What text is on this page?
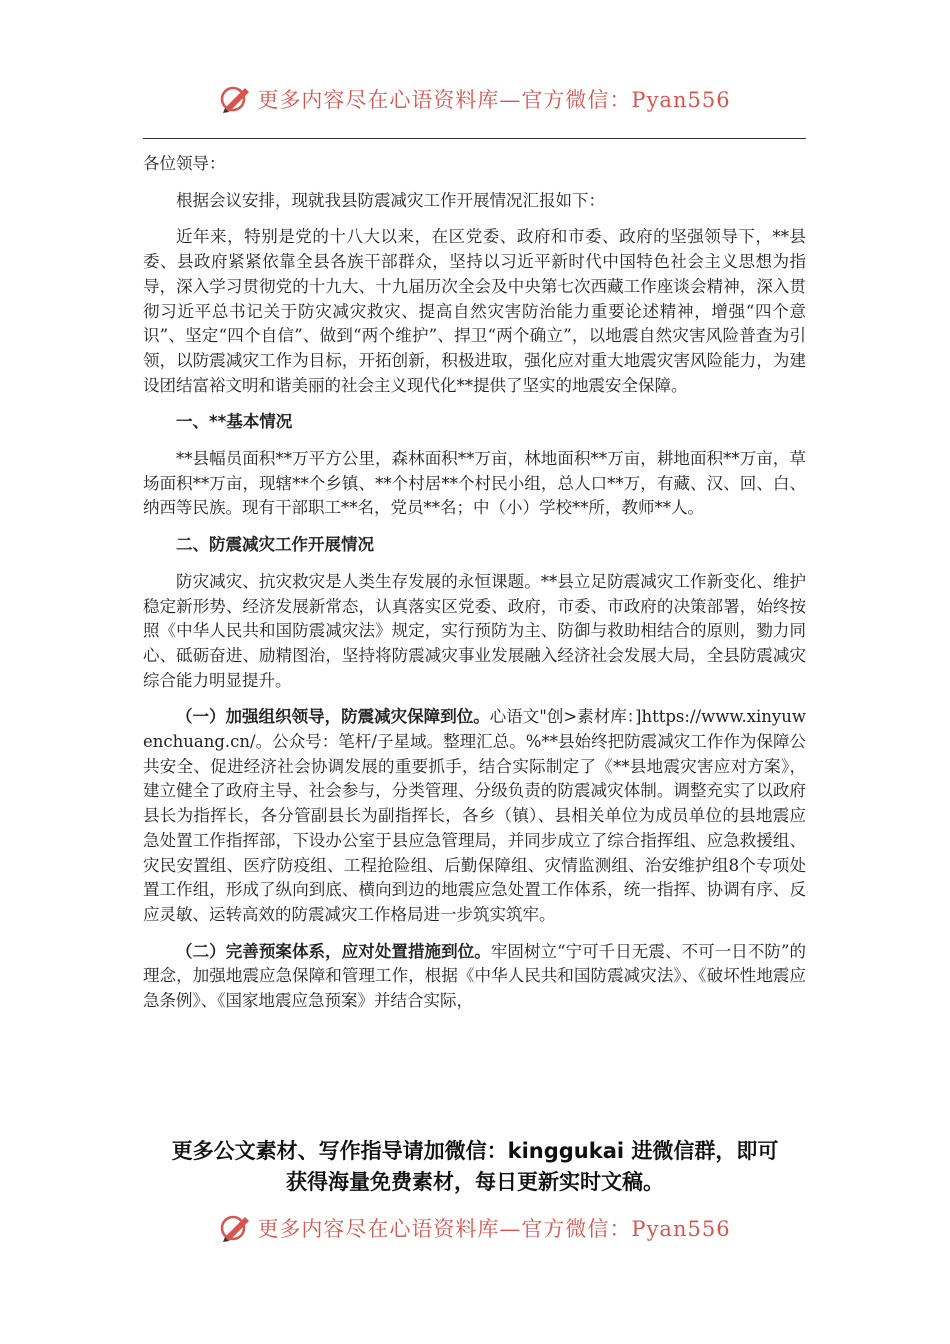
更多内容尽在心语资料库—官方微信：Pyan556

各位领导：

根据会议安排，现就我县防震减灾工作开展情况汇报如下：

近年来，特别是党的十八大以来，在区党委、政府和市委、政府的坚强领导下，**县委、县政府紧紧依靠全县各族干部群众，坚持以习近平新时代中国特色社会主义思想为指导，深入学习贯彻党的十九大、十九届历次全会及中央第七次西藏工作座谈会精神，深入贯彻习近平总书记关于防灾减灾救灾、提高自然灾害防治能力重要论述精神，增强“四个意识”、坚定“四个自信”、做到“两个维护”、捍卫“两个确立”，以地震自然灾害风险普查为引领，以防震减灾工作为目标，开拓创新，积极进取，强化应对重大地震灾害风险能力，为建设团结富裕文明和谐美丽的社会主义现代化**提供了坚实的地震安全保障。

一、**基本情况

**县幅员面积**万平方公里，森林面积**万亩，林地面积**万亩，耕地面积**万亩，草场面积**万亩，现辖**个乡镇、**个村居**个村民小组，总人口**万，有藏、汉、回、白、纳西等民族。现有干部职工**名，党员**名；中（小）学校**所，教师**人。

二、防震减灾工作开展情况

防灾减灾、抗灾救灾是人类生存发展的永恒课题。**县立足防震减灾工作新变化、维护稳定新形势、经济发展新常态，认真落实区党委、政府，市委、市政府的决策部署，始终按照《中华人民共和国防震减灾法》规定，实行预防为主、防御与救助相结合的原则，勠力同心、砥砺奋进、励精图治，坚持将防震减灾事业发展融入经济社会发展大局，全县防震减灾综合能力明显提升。

（一）加强组织领导，防震减灾保障到位。心语文"创>素材库：]https://www.xinyuwenchuang.cn/。公众号：笔杆/子星域。整理汇总。%**县始终把防震减灾工作作为保障公共安全、促进经济社会协调发展的重要抓手，结合实际制定了《**县地震灾害应对方案》，建立健全了政府主导、社会参与，分类管理、分级负责的防震减灾体制。调整充实了以政府县长为指挥长，各分管副县长为副指挥长，各乡（镇）、县相关单位为成员单位的县地震应急处置工作指挥部，下设办公室于县应急管理局，并同步成立了综合指挥组、应急救援组、灾民安置组、医疗防疫组、工程抢险组、后勤保障组、灾情监测组、治安维护组8个专项处置工作组，形成了纵向到底、横向到边的地震应急处置工作体系，统一指挥、协调有序、反应灵敏、运转高效的防震减灾工作格局进一步筑实筑牢。

（二）完善预案体系，应对处置措施到位。牢固树立“宁可千日无震、不可一日不防”的理念，加强地震应急保障和管理工作，根据《中华人民共和国防震减灾法》、《破坏性地震应急条例》、《国家地震应急预案》并结合实际，

更多公文素材、写作指导请加微信：kinggukai 进微信群，即可
获得海量免费素材，每日更新实时文稿。
更多内容尽在心语资料库—官方微信：Pyan556
